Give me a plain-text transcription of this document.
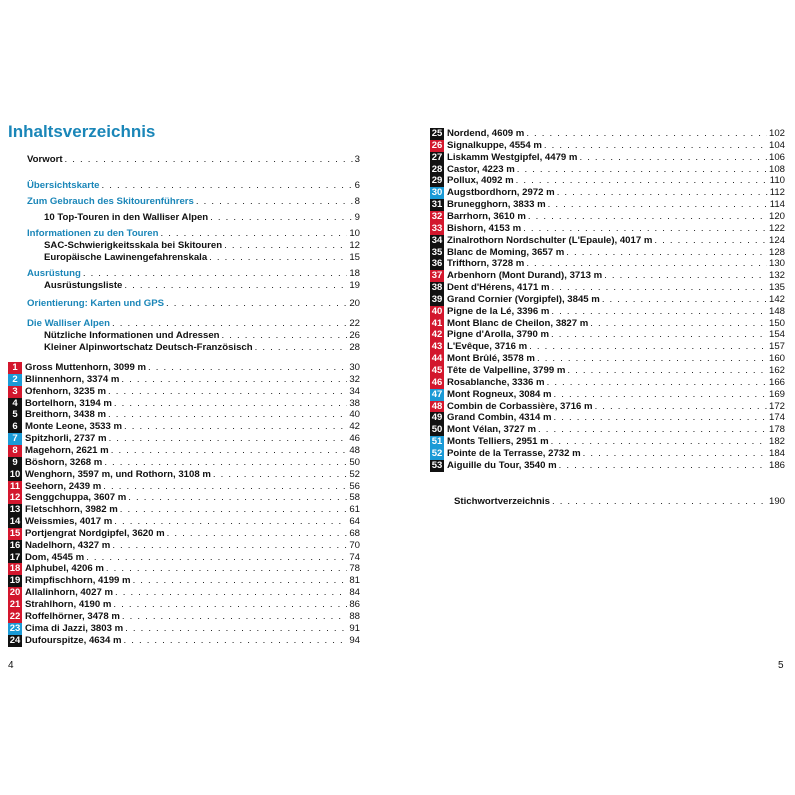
Inhaltsverzeichnis
Vorwort . . .	3
Übersichtskarte . . .	6
Zum Gebrauch des Skitourenführers . . .	8
10 Top-Touren in den Walliser Alpen . . .	9
Informationen zu den Touren . . .	10
SAC-Schwierigkeitsskala bei Skitouren . . .	12
Europäische Lawinengefahrenskala . . .	15
Ausrüstung . . .	18
Ausrüstungsliste . . .	19
Orientierung: Karten und GPS . . .	20
Die Walliser Alpen . . .	22
Nützliche Informationen und Adressen . . .	26
Kleiner Alpinwortschatz Deutsch-Französisch . . .	28
1 Gross Muttenhorn, 3099 m . . .	30
2 Blinnenhorn, 3374 m . . .	32
3 Ofenhorn, 3235 m . . .	34
4 Bortelhorn, 3194 m . . .	38
5 Breithorn, 3438 m . . .	40
6 Monte Leone, 3533 m . . .	42
7 Spitzhorli, 2737 m . . .	46
8 Magehorn, 2621 m . . .	48
9 Böshorn, 3268 m . . .	50
10 Wenghorn, 3597 m, und Rothorn, 3108 m . . .	52
11 Seehorn, 2439 m . . .	56
12 Senggchuppa, 3607 m . . .	58
13 Fletschhorn, 3982 m . . .	61
14 Weissmies, 4017 m . . .	64
15 Portjengrat Nordgipfel, 3620 m . . .	68
16 Nadelhorn, 4327 m . . .	70
17 Dom, 4545 m . . .	74
18 Alphubel, 4206 m . . .	78
19 Rimpfischhorn, 4199 m . . .	81
20 Allalinhorn, 4027 m . . .	84
21 Strahlhorn, 4190 m . . .	86
22 Roffelhörner, 3478 m . . .	88
23 Cima di Jazzi, 3803 m . . .	91
24 Dufourspitze, 4634 m . . .	94
4
25 Nordend, 4609 m . . .	102
26 Signalkuppe, 4554 m . . .	104
27 Liskamm Westgipfel, 4479 m . . .	106
28 Castor, 4223 m . . .	108
29 Pollux, 4092 m . . .	110
30 Augstbordhorn, 2972 m . . .	112
31 Brunegghorn, 3833 m . . .	114
32 Barrhorn, 3610 m . . .	120
33 Bishorn, 4153 m . . .	122
34 Zinalrothorn Nordschulter (L'Epaule), 4017 m . . .	124
35 Blanc de Moming, 3657 m . . .	128
36 Trifthorn, 3728 m . . .	130
37 Arbenhorn (Mont Durand), 3713 m . . .	132
38 Dent d'Hérens, 4171 m . . .	135
39 Grand Cornier (Vorgipfel), 3845 m . . .	142
40 Pigne de la Lé, 3396 m . . .	148
41 Mont Blanc de Cheilon, 3827 m . . .	150
42 Pigne d'Arolla, 3790 m . . .	154
43 L'Evêque, 3716 m . . .	157
44 Mont Brûlé, 3578 m . . .	160
45 Tête de Valpelline, 3799 m . . .	162
46 Rosablanche, 3336 m . . .	166
47 Mont Rogneux, 3084 m . . .	169
48 Combin de Corbassière, 3716 m . . .	172
49 Grand Combin, 4314 m . . .	174
50 Mont Vélan, 3727 m . . .	178
51 Monts Telliers, 2951 m . . .	182
52 Pointe de la Terrasse, 2732 m . . .	184
53 Aiguille du Tour, 3540 m . . .	186
Stichwortverzeichnis . . .	190
5
